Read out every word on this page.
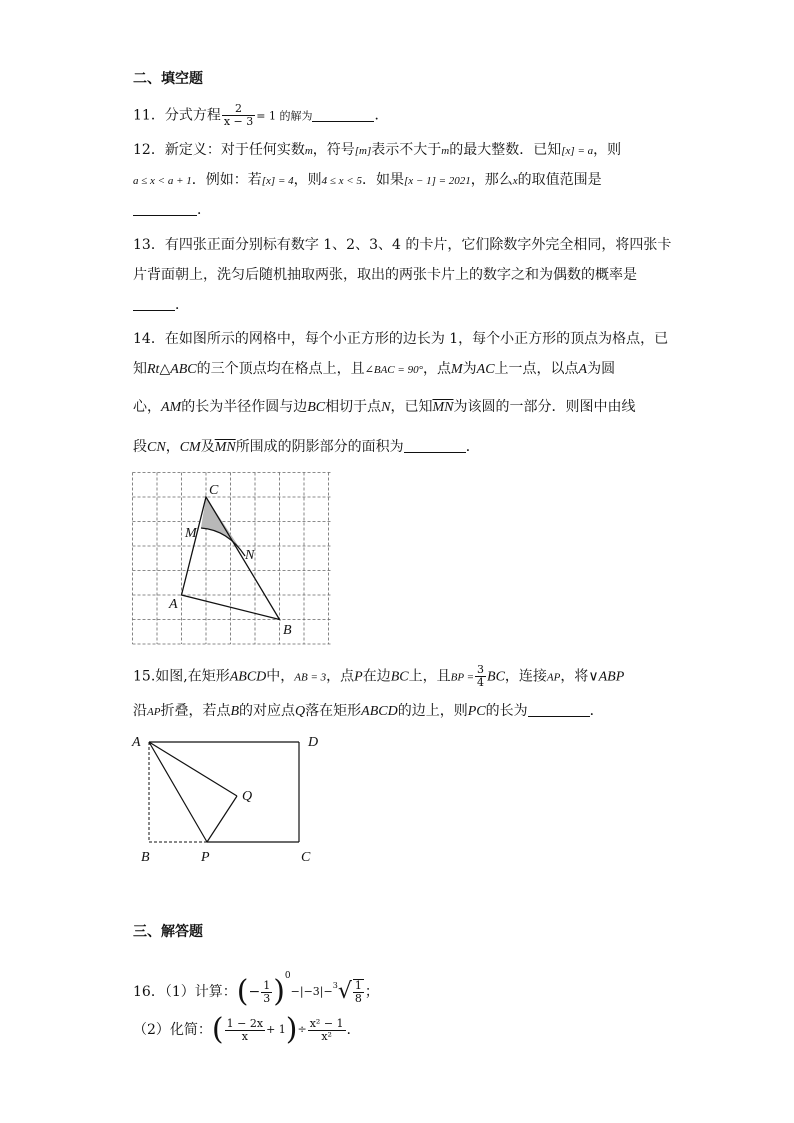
二、填空题
11．分式方程 $\frac{2}{x - 3} = 1$ 的解为	．
12．新定义：对于任何实数m，符号[m]表示不大于m的最大整数．已知[x] = a，则
a ≤ x < a + 1．例如：若[x] = 4，则4 ≤ x < 5．如果[x − 1] = 2021，那么x的取值范围是
．
13．有四张正面分别标有数字 1、2、3、4 的卡片，它们除数字外完全相同，将四张卡
片背面朝上，洗匀后随机抽取两张，取出的两张卡片上的数字之和为偶数的概率是
．
14．在如图所示的网格中，每个小正方形的边长为 1，每个小正方形的顶点为格点，已
知Rt△ABC的三个顶点均在格点上，且∠BAC = 90°，点M为AC上一点，以点A为圆
心，AM的长为半径作圆与边BC相切于点N，已知$\overline{MN}$为该圆的一部分．则图中由线
段CN，CM及$\overline{MN}$所围成的阴影部分的面积为	．
C
M
N
A
B
15.如图,在矩形ABCD中，AB = 3，点P在边BC上，且BP = $\frac{3}{4}$ BC，连接AP，将∨ABP
沿AP折叠，若点B的对应点Q落在矩形ABCD的边上，则PC的长为	．
A	D
Q
B	P	C
三、解答题
16．（1）计算：(− $\frac{1}{3} )^0-|-3|-^3√ \frac{1}{8}$ ；
（2）化简：( $\frac{1 - 2x}{x} + 1)\div \frac{\text{x² − 1}}{\text{x²}}$ .
